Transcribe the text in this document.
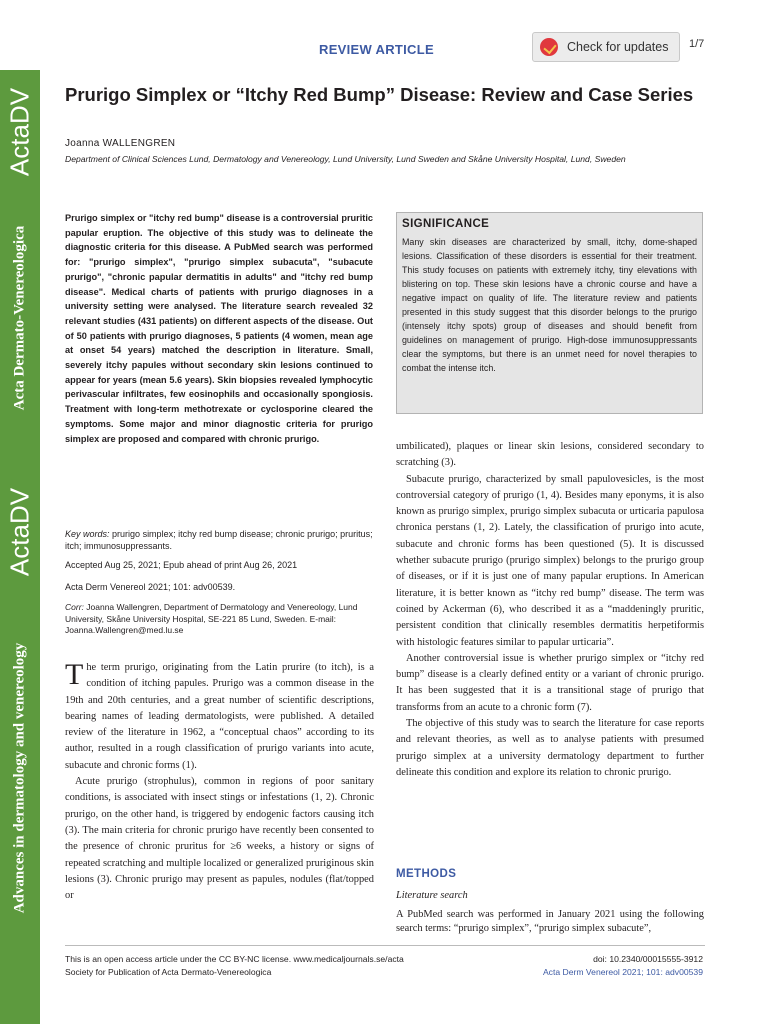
ActaDV
Acta Dermato-Venereologica
ActaDV
Advances in dermatology and venereology
REVIEW ARTICLE	Check for updates 1/7
Prurigo Simplex or “Itchy Red Bump” Disease: Review and Case Series
Joanna WALLENGREN
Department of Clinical Sciences Lund, Dermatology and Venereology, Lund University, Lund Sweden and Skåne University Hospital, Lund, Sweden

Prurigo simplex or "itchy red bump" disease is a controversial pruritic papular eruption. The objective of this study was to delineate the diagnostic criteria for this disease. A PubMed search was performed for: "prurigo simplex", "prurigo simplex subacuta", "subacute prurigo", "chronic papular dermatitis in adults" and "itchy red bump disease". Medical charts of patients with prurigo diagnoses in a university setting were analysed. The literature search revealed 32 relevant studies (431 patients) on different aspects of the disease. Out of 50 patients with prurigo diagnoses, 5 patients (4 women, mean age at onset 54 years) matched the description in literature. Small, severely itchy papules without secondary skin lesions continued to appear for years (mean 5.6 years). Skin biopsies revealed lymphocytic perivascular infiltrates, few eosinophils and occasionally spongiosis. Treatment with long-term methotrexate or cyclosporine cleared the symptoms. Some major and minor diagnostic criteria for prurigo simplex are proposed and compared with chronic prurigo.

Key words: prurigo simplex; itchy red bump disease; chronic prurigo; pruritus; itch; immunosuppressants.
Accepted Aug 25, 2021; Epub ahead of print Aug 26, 2021
Acta Derm Venereol 2021; 101: adv00539.
Corr: Joanna Wallengren, Department of Dermatology and Venereology, Lund University, Skåne University Hospital, SE-221 85 Lund, Sweden. E-mail: Joanna.Wallengren@med.lu.se
SIGNIFICANCE
Many skin diseases are characterized by small, itchy, dome-shaped lesions. Classification of these disorders is essential for their treatment. This study focuses on patients with extremely itchy, tiny elevations with blistering on top. These skin lesions have a chronic course and have a negative impact on quality of life. The literature review and patients presented in this study suggest that this disorder belongs to the prurigo (intensely itchy spots) group of diseases and should benefit from guidelines on management of prurigo. High-dose immunosuppressants clear the symptoms, but there is an unmet need for novel therapies to combat the intense itch.

The term prurigo, originating from the Latin prurire (to itch), is a condition of itching papules. Prurigo was a common disease in the 19th and 20th centuries, and a great number of scientific descriptions, bearing names of leading dermatologists, were published. A detailed review of the literature in 1962, a “conceptual chaos” according to its author, resulted in a rough classification of prurigo variants into acute, subacute and chronic forms (1).

Acute prurigo (strophulus), common in regions of poor sanitary conditions, is associated with insect stings or infestations (1, 2). Chronic prurigo, on the other hand, is triggered by endogenic factors causing itch (3). The main criteria for chronic prurigo have recently been consented to the presence of chronic pruritus for ≥6 weeks, a history or signs of repeated scratching and multiple localized or generalized pruriginous skin lesions (3). Chronic prurigo may present as papules, nodules (flat/topped or

umbilicated), plaques or linear skin lesions, considered secondary to scratching (3).

Subacute prurigo, characterized by small papulovesicles, is the most controversial category of prurigo (1, 4). Besides many eponyms, it is also known as prurigo simplex, prurigo simplex subacuta or urticaria papulosa chronica perstans (1, 2). Lately, the classification of prurigo into acute, subacute and chronic forms has been questioned (5). It is discussed whether subacute prurigo (prurigo simplex) belongs to the prurigo group of diseases, or if it is just one of many papular eruptions. In American literature, it is better known as “itchy red bump” disease. The term was coined by Ackerman (6), who described it as a “maddeningly pruritic, persistent condition that clinically resembles dermatitis herpetiformis with histologic features similar to papular urticaria”.

Another controversial issue is whether prurigo simplex or “itchy red bump” disease is a clearly defined entity or a variant of chronic prurigo. It has been suggested that it is a transitional stage of prurigo that transforms from an acute to a chronic form (7).

The objective of this study was to search the literature for case reports and relevant theories, as well as to analyse patients with presumed prurigo simplex at a university dermatology department to further delineate this condition and explore its relation to chronic prurigo.

METHODS
Literature search
A PubMed search was performed in January 2021 using the following search terms: “prurigo simplex”, “prurigo simplex subacute”,
This is an open access article under the CC BY-NC license. www.medicaljournals.se/acta
Society for Publication of Acta Dermato-Venereologica
doi: 10.2340/00015555-3912
Acta Derm Venereol 2021; 101: adv00539
